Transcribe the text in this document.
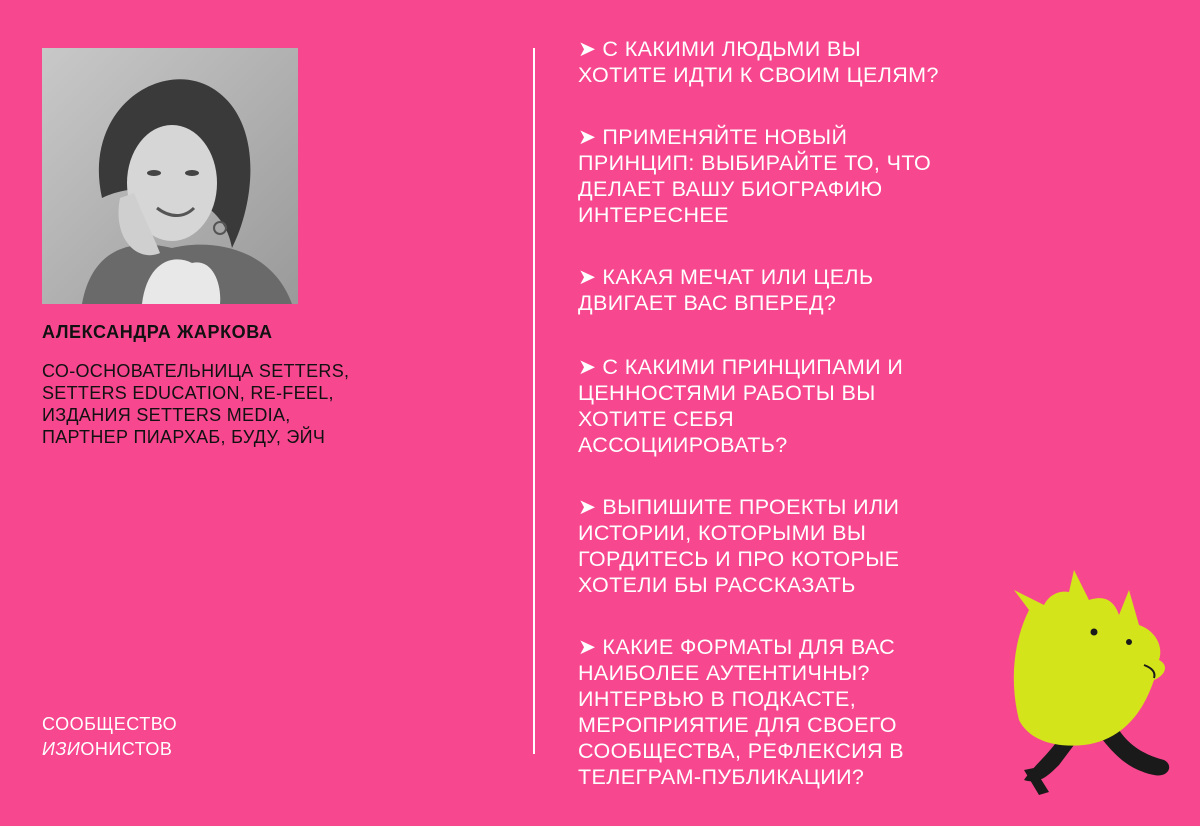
АЛЕКСАНДРА ЖАРКОВА
СО-ОСНОВАТЕЛЬНИЦА SETTERS,
SETTERS EDUCATION, RE-FEEL,
ИЗДАНИЯ SETTERS MEDIA,
ПАРТНЕР ПИАРХАБ, БУДУ, ЭЙЧ
СООБЩЕСТВО
ИЗИОНИСТОВ
➤ С КАКИМИ ЛЮДЬМИ ВЫ
ХОТИТЕ ИДТИ К СВОИМ ЦЕЛЯМ?
➤ ПРИМЕНЯЙТЕ НОВЫЙ
ПРИНЦИП: ВЫБИРАЙТЕ ТО, ЧТО
ДЕЛАЕТ ВАШУ БИОГРАФИЮ
ИНТЕРЕСНЕЕ
➤ КАКАЯ МЕЧАТ ИЛИ ЦЕЛЬ
ДВИГАЕТ ВАС ВПЕРЕД?
➤ С КАКИМИ ПРИНЦИПАМИ И
ЦЕННОСТЯМИ РАБОТЫ ВЫ
ХОТИТЕ СЕБЯ
АССОЦИИРОВАТЬ?
➤ ВЫПИШИТЕ ПРОЕКТЫ ИЛИ
ИСТОРИИ, КОТОРЫМИ ВЫ
ГОРДИТЕСЬ И ПРО КОТОРЫЕ
ХОТЕЛИ БЫ РАССКАЗАТЬ
➤ КАКИЕ ФОРМАТЫ ДЛЯ ВАС
НАИБОЛЕЕ АУТЕНТИЧНЫ?
ИНТЕРВЬЮ В ПОДКАСТЕ,
МЕРОПРИЯТИЕ ДЛЯ СВОЕГО
СООБЩЕСТВА, РЕФЛЕКСИЯ В
ТЕЛЕГРАМ-ПУБЛИКАЦИИ?
